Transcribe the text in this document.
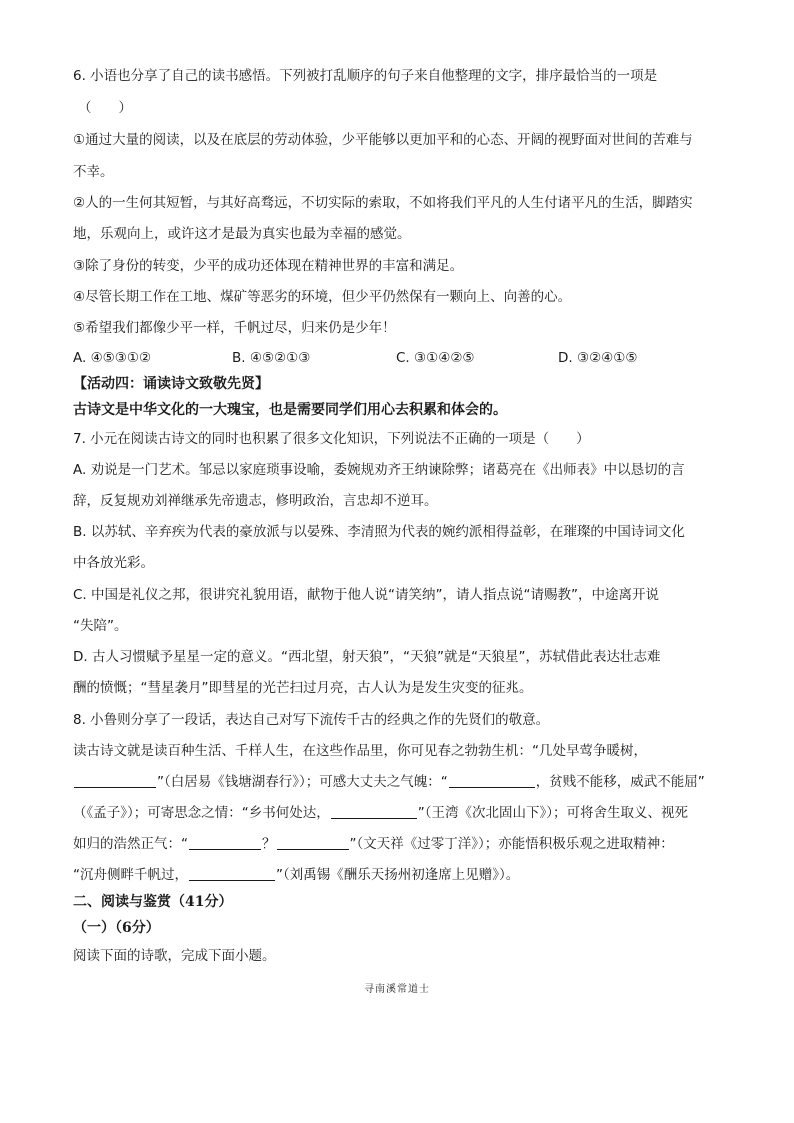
6. 小语也分享了自己的读书感悟。下列被打乱顺序的句子来自他整理的文字，排序最恰当的一项是
（　　）
①通过大量的阅读，以及在底层的劳动体验，少平能够以更加平和的心态、开阔的视野面对世间的苦难与
不幸。
②人的一生何其短暂，与其好高骛远，不切实际的索取，不如将我们平凡的人生付诸平凡的生活，脚踏实
地，乐观向上，或许这才是最为真实也最为幸福的感觉。
③除了身份的转变，少平的成功还体现在精神世界的丰富和满足。
④尽管长期工作在工地、煤矿等恶劣的环境，但少平仍然保有一颗向上、向善的心。
⑤希望我们都像少平一样，千帆过尽，归来仍是少年！
A. ④⑤③①②	B. ④⑤②①③	C. ③①④②⑤	D. ③②④①⑤
【活动四：诵读诗文致敬先贤】
古诗文是中华文化的一大瑰宝，也是需要同学们用心去积累和体会的。
7. 小元在阅读古诗文的同时也积累了很多文化知识，下列说法不正确的一项是（　　）
A. 劝说是一门艺术。邹忌以家庭琐事设喻，委婉规劝齐王纳谏除弊；诸葛亮在《出师表》中以恳切的言
辞，反复规劝刘禅继承先帝遗志，修明政治，言忠却不逆耳。
B. 以苏轼、辛弃疾为代表的豪放派与以晏殊、李清照为代表的婉约派相得益彰，在璀璨的中国诗词文化
中各放光彩。
C. 中国是礼仪之邦，很讲究礼貌用语，献物于他人说“请笑纳”，请人指点说“请赐教”，中途离开说
“失陪”。
D. 古人习惯赋予星星一定的意义。“西北望，射天狼”，“天狼”就是“天狼星”，苏轼借此表达壮志难
酬的愤慨；“彗星袭月”即彗星的光芒扫过月亮，古人认为是发生灾变的征兆。
8. 小鲁则分享了一段话，表达自己对写下流传千古的经典之作的先贤们的敬意。
读古诗文就是读百种生活、千样人生，在这些作品里，你可见春之勃勃生机：“几处早莺争暖树，
”（白居易《钱塘湖春行》）；可感大丈夫之气魄：“	，贫贱不能移，威武不能屈”
（《孟子》）；可寄思念之情：“乡书何处达，	”（王湾《次北固山下》）；可将舍生取义、视死
如归的浩然正气：“	？	”（文天祥《过零丁洋》）；亦能悟积极乐观之进取精神：
“沉舟侧畔千帆过，	”（刘禹锡《酬乐天扬州初逢席上见赠》）。
二、阅读与鉴赏（41分）
（一）（6分）
阅读下面的诗歌，完成下面小题。
寻南溪常道士
